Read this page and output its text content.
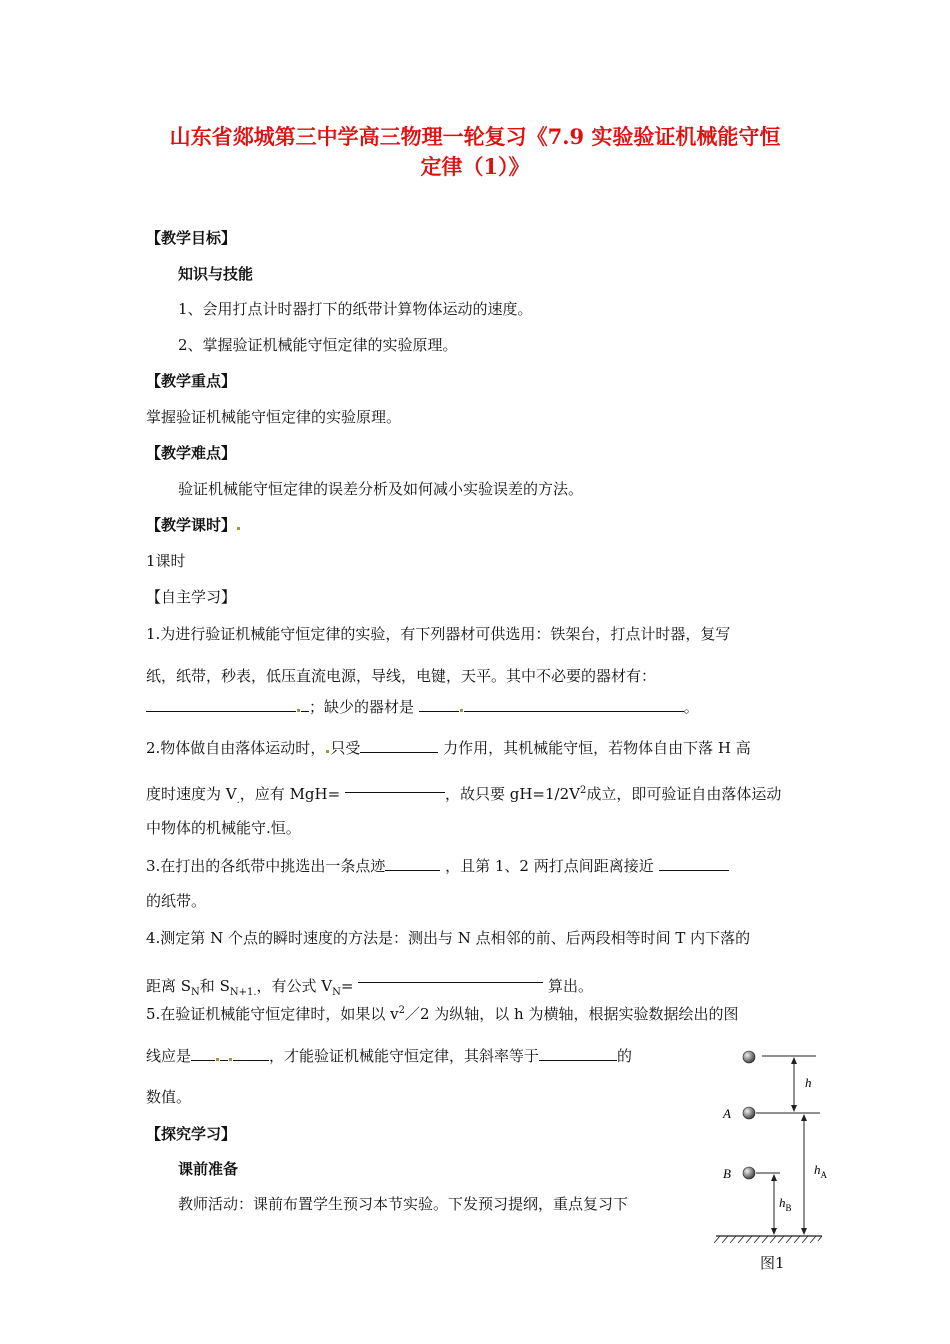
山东省郯城第三中学高三物理一轮复习《7.9 实验验证机械能守恒
定律（1）》
【教学目标】
知识与技能
1、会用打点计时器打下的纸带计算物体运动的速度。
2、掌握验证机械能守恒定律的实验原理。
【教学重点】
掌握验证机械能守恒定律的实验原理。
【教学难点】
验证机械能守恒定律的误差分析及如何减小实验误差的方法。
【教学课时】
1课时
【自主学习】
1.为进行验证机械能守恒定律的实验，有下列器材可供选用：铁架台，打点计时器，复写
纸，纸带，秒表，低压直流电源，导线，电键，天平。其中不必要的器材有：
；缺少的器材是	。
2.物体做自由落体运动时， 只受	力作用，其机械能守恒，若物体自由下落 H 高
度时速度为 $V_.$，应有 MgH=	，故只要 $gH=1/2V^2$成立，即可验证自由落体运动
中物体的机械能守.恒。
3.在打出的各纸带中挑选出一条点迹	，且第 1、2 两打点间距离接近
的纸带。
4.测定第 N 个点的瞬时速度的方法是：测出与 N 点相邻的前、后两段相等时间 T 内下落的
距离 $S_N$和 $S_{N+1.}$，有公式 $V_N=$	算出。
5.在验证机械能守恒定律时，如果以 $v^2/2$ 为纵轴，以 h 为横轴，根据实验数据绘出的图
线应是	，才能验证机械能守恒定律，其斜率等于	的
数值。
【探究学习】
课前准备
教师活动：课前布置学生预习本节实验。下发预习提纲，重点复习下
h
A
B	$h_A$
$h_B$
图1
